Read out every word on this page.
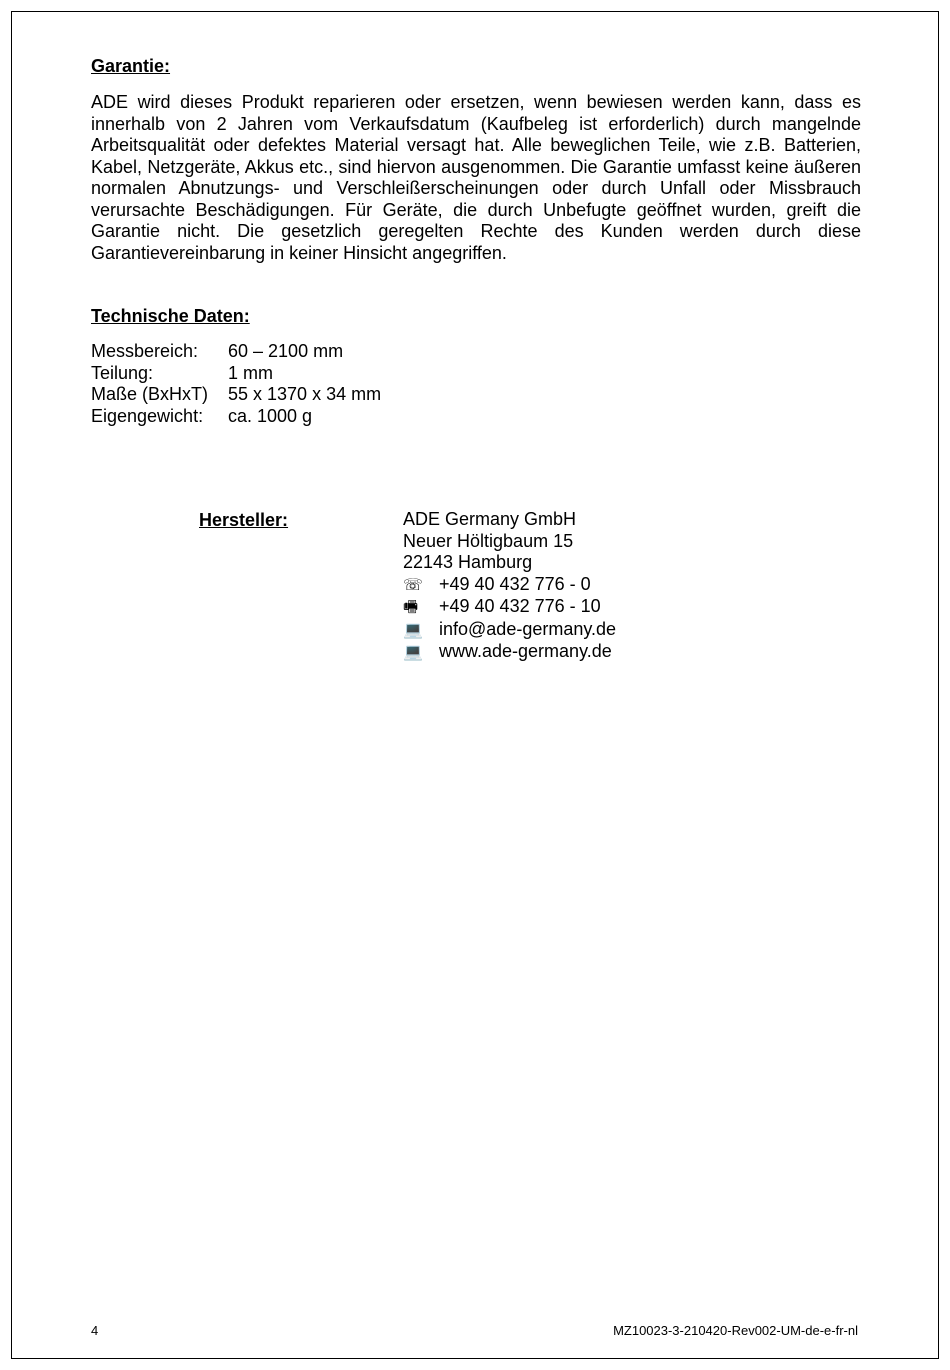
Garantie:

ADE wird dieses Produkt reparieren oder ersetzen, wenn bewiesen werden kann, dass es innerhalb von 2 Jahren vom Verkaufsdatum (Kaufbeleg ist erforderlich) durch mangelnde Arbeitsqualität oder defektes Material versagt hat. Alle beweglichen Teile, wie z.B. Batterien, Kabel, Netzgeräte, Akkus etc., sind hiervon ausgenommen. Die Garantie umfasst keine äußeren normalen Abnutzungs- und Verschleißerscheinungen oder durch Unfall oder Missbrauch verursachte Beschädigungen. Für Geräte, die durch Unbefugte geöffnet wurden, greift die Garantie nicht. Die gesetzlich geregelten Rechte des Kunden werden durch diese Garantievereinbarung in keiner Hinsicht angegriffen.

Technische Daten:
Messbereich:	60 – 2100 mm
Teilung:	1 mm
Maße (BxHxT)	55 x 1370 x 34 mm
Eigengewicht:	ca. 1000 g
Hersteller:	ADE Germany GmbH
Neuer Höltigbaum 15
22143 Hamburg
☏ +49 40 432 776 - 0
🖷 +49 40 432 776 - 10
💻 info@ade-germany.de
💻 www.ade-germany.de
4	MZ10023-3-210420-Rev002-UM-de-e-fr-nl
